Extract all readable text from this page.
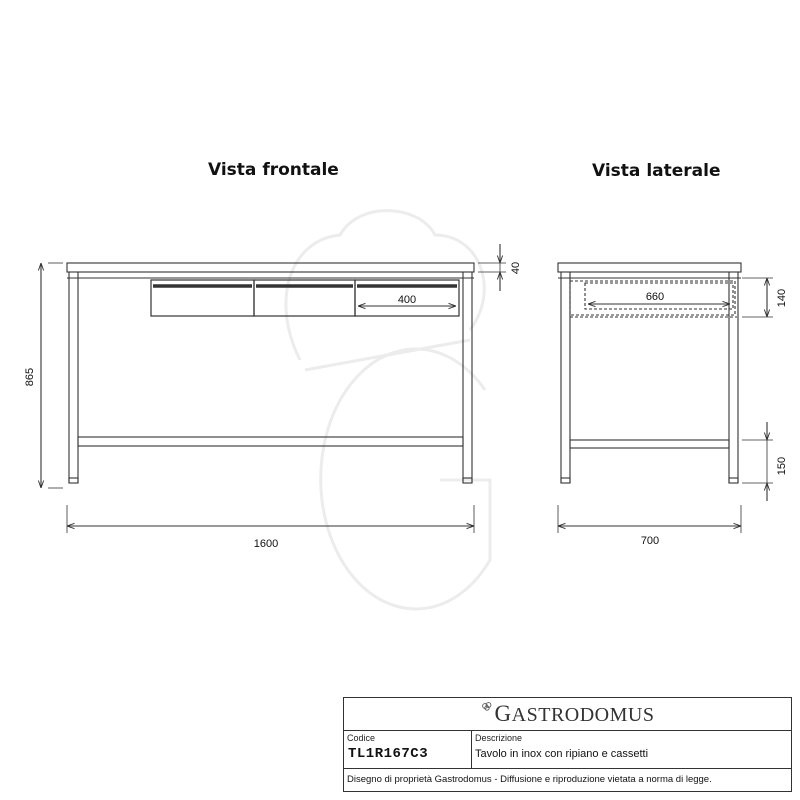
Vista frontale	Vista laterale
400
865
1600
40
660	140
150
700
GASTRODOMUS
Codice
TL1R167C3
Descrizione
Tavolo in inox con ripiano e cassetti
Disegno di proprietà Gastrodomus - Diffusione e riproduzione vietata a norma di legge.
